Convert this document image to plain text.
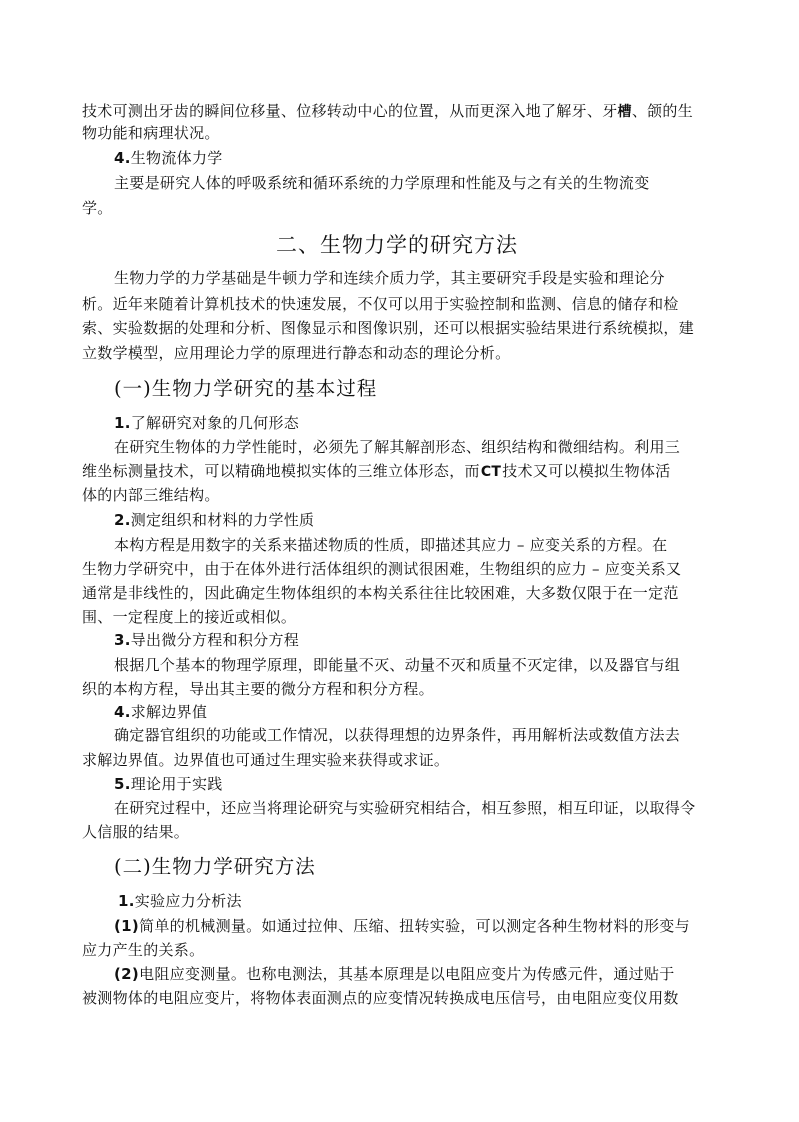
技术可测出牙齿的瞬间位移量、位移转动中心的位置，从而更深入地了解牙、牙槽、颌的生
物功能和病理状况。
4.生物流体力学
主要是研究人体的呼吸系统和循环系统的力学原理和性能及与之有关的生物流变
学。
二、生物力学的研究方法
生物力学的力学基础是牛顿力学和连续介质力学，其主要研究手段是实验和理论分
析。近年来随着计算机技术的快速发展，不仅可以用于实验控制和监测、信息的储存和检
索、实验数据的处理和分析、图像显示和图像识别，还可以根据实验结果进行系统模拟，建
立数学模型，应用理论力学的原理进行静态和动态的理论分析。
(一)生物力学研究的基本过程
1.了解研究对象的几何形态
在研究生物体的力学性能时，必须先了解其解剖形态、组织结构和微细结构。利用三
维坐标测量技术，可以精确地模拟实体的三维立体形态，而CT技术又可以模拟生物体活
体的内部三维结构。
2.测定组织和材料的力学性质
本构方程是用数字的关系来描述物质的性质，即描述其应力 – 应变关系的方程。在
生物力学研究中，由于在体外进行活体组织的测试很困难，生物组织的应力 – 应变关系又
通常是非线性的，因此确定生物体组织的本构关系往往比较困难，大多数仅限于在一定范
围、一定程度上的接近或相似。
3.导出微分方程和积分方程
根据几个基本的物理学原理，即能量不灭、动量不灭和质量不灭定律，以及器官与组
织的本构方程，导出其主要的微分方程和积分方程。
4.求解边界值
确定器官组织的功能或工作情况，以获得理想的边界条件，再用解析法或数值方法去
求解边界值。边界值也可通过生理实验来获得或求证。
5.理论用于实践
在研究过程中，还应当将理论研究与实验研究相结合，相互参照，相互印证，以取得令
人信服的结果。
(二)生物力学研究方法
1.实验应力分析法
(1)简单的机械测量。如通过拉伸、压缩、扭转实验，可以测定各种生物材料的形变与
应力产生的关系。
(2)电阻应变测量。也称电测法，其基本原理是以电阻应变片为传感元件，通过贴于
被测物体的电阻应变片，将物体表面测点的应变情况转换成电压信号，由电阻应变仪用数
